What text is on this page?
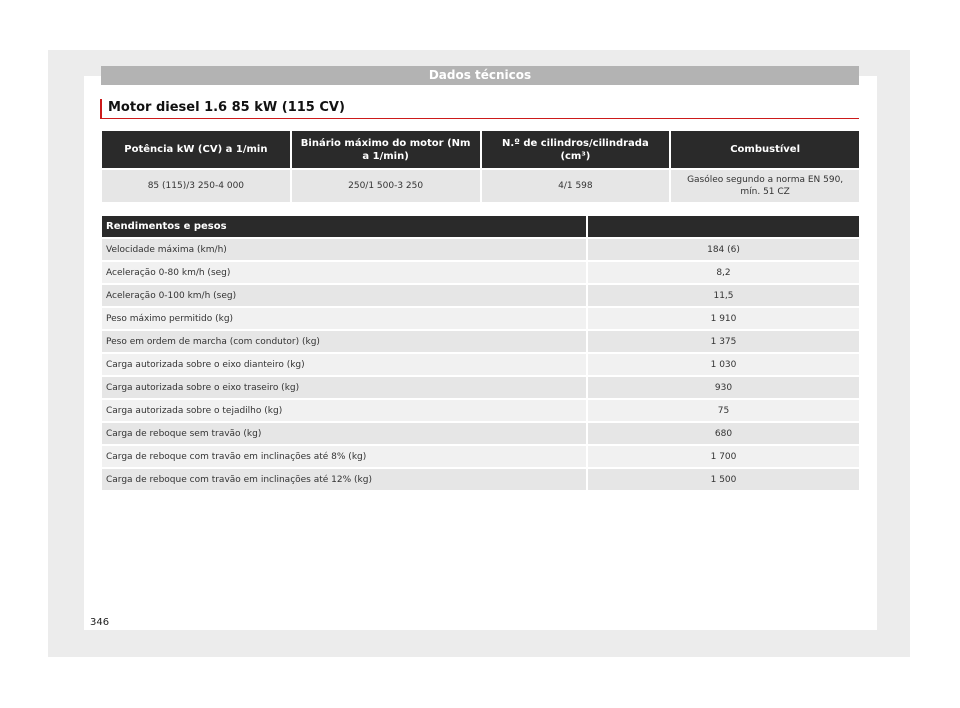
Dados técnicos
Motor diesel 1.6 85 kW (115 CV)
Potência kW (CV) a 1/min	Binário máximo do motor (Nm a 1/min)	N.º de cilindros/cilindrada (cm³)	Combustível
85 (115)/3 250-4 000	250/1 500-3 250	4/1 598	Gasóleo segundo a norma EN 590, mín. 51 CZ
Rendimentos e pesos	
Velocidade máxima (km/h)	184 (6)
Aceleração 0-80 km/h (seg)	8,2
Aceleração 0-100 km/h (seg)	11,5
Peso máximo permitido (kg)	1 910
Peso em ordem de marcha (com condutor) (kg)	1 375
Carga autorizada sobre o eixo dianteiro (kg)	1 030
Carga autorizada sobre o eixo traseiro (kg)	930
Carga autorizada sobre o tejadilho (kg)	75
Carga de reboque sem travão (kg)	680
Carga de reboque com travão em inclinações até 8% (kg)	1 700
Carga de reboque com travão em inclinações até 12% (kg)	1 500
346
